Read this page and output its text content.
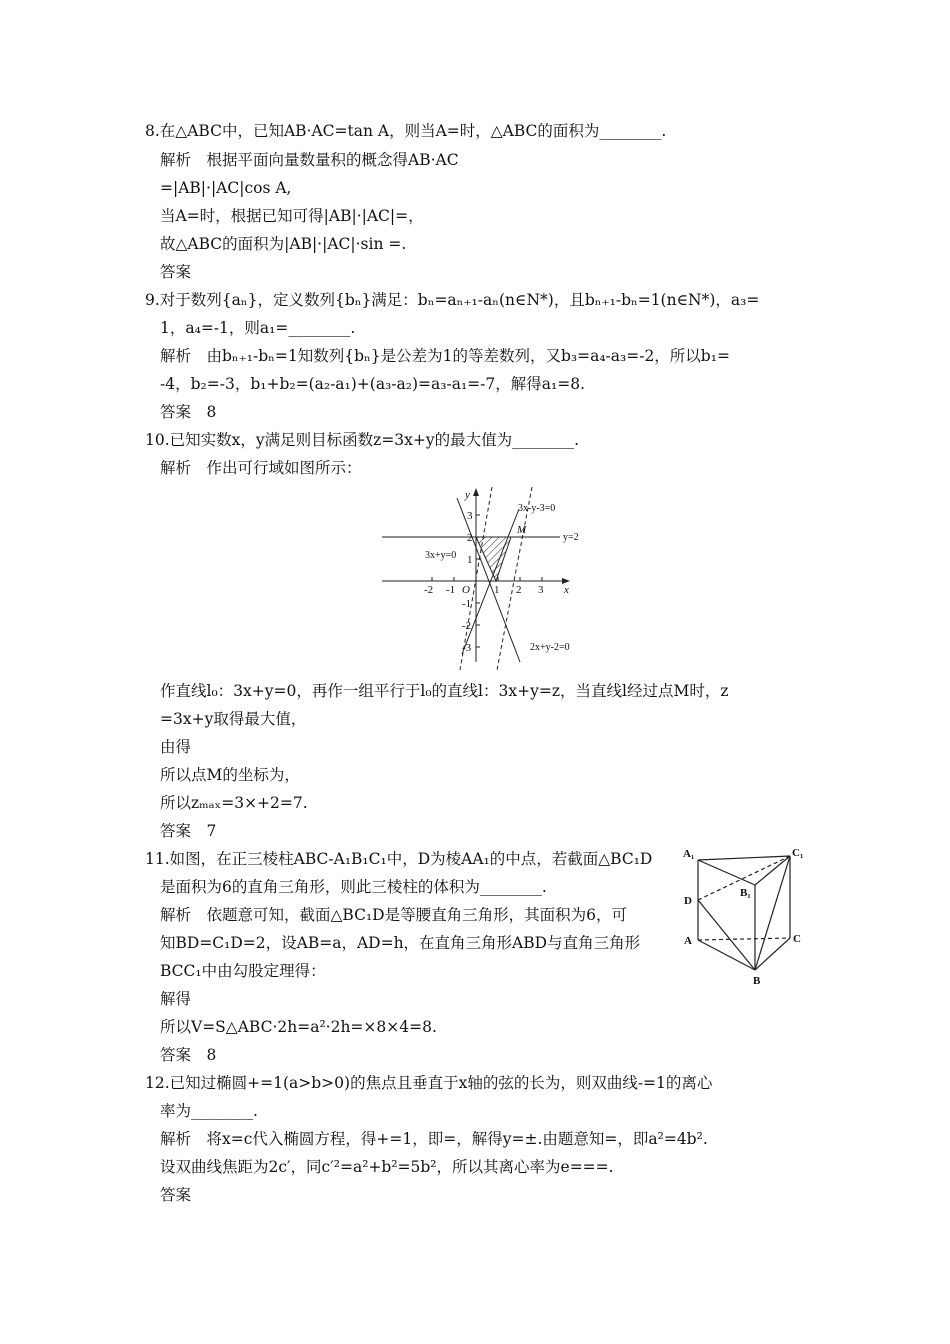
8.在△ABC中，已知AB·AC=tan A，则当A=时，△ABC的面积为________.
解析　根据平面向量数量积的概念得AB·AC
=|AB|·|AC|cos A,
当A=时，根据已知可得|AB|·|AC|=，
故△ABC的面积为|AB|·|AC|·sin =.
答案
9.对于数列{aₙ}，定义数列{bₙ}满足：bₙ=aₙ₊₁-aₙ(n∈N*)，且bₙ₊₁-bₙ=1(n∈N*)，a₃=
1，a₄=-1，则a₁=________.
解析　由bₙ₊₁-bₙ=1知数列{bₙ}是公差为1的等差数列，又b₃=a₄-a₃=-2，所以b₁=
-4，b₂=-3，b₁+b₂=(a₂-a₁)+(a₃-a₂)=a₃-a₁=-7，解得a₁=8.
答案　8
10.已知实数x，y满足则目标函数z=3x+y的最大值为________.
解析　作出可行域如图所示：
x
y
O
-2 -1	1 2 3
3
2
1
-1
-2
-3
3x-y-3=0
y=2
3x+y=0
2x+y-2=0
M
作直线l₀：3x+y=0，再作一组平行于l₀的直线l：3x+y=z，当直线l经过点M时，z
=3x+y取得最大值，
由得
所以点M的坐标为，
所以zₘₐₓ=3×+2=7.
答案　7
11.如图，在正三棱柱ABC-A₁B₁C₁中，D为棱AA₁的中点，若截面△BC₁D
是面积为6的直角三角形，则此三棱柱的体积为________.
解析　依题意可知，截面△BC₁D是等腰直角三角形，其面积为6，可
知BD=C₁D=2，设AB=a，AD=h，在直角三角形ABD与直角三角形
BCC₁中由勾股定理得：
解得
所以V=S△ABC·2h=a²·2h=×8×4=8.
答案　8
A₁	C₁
B₁
D
A	C
B
12.已知过椭圆+=1(a>b>0)的焦点且垂直于x轴的弦的长为，则双曲线-=1的离心
率为________.
解析　将x=c代入椭圆方程，得+=1，即=，解得y=±.由题意知=，即a²=4b².
设双曲线焦距为2c′，同c′²=a²+b²=5b²，所以其离心率为e===.
答案
